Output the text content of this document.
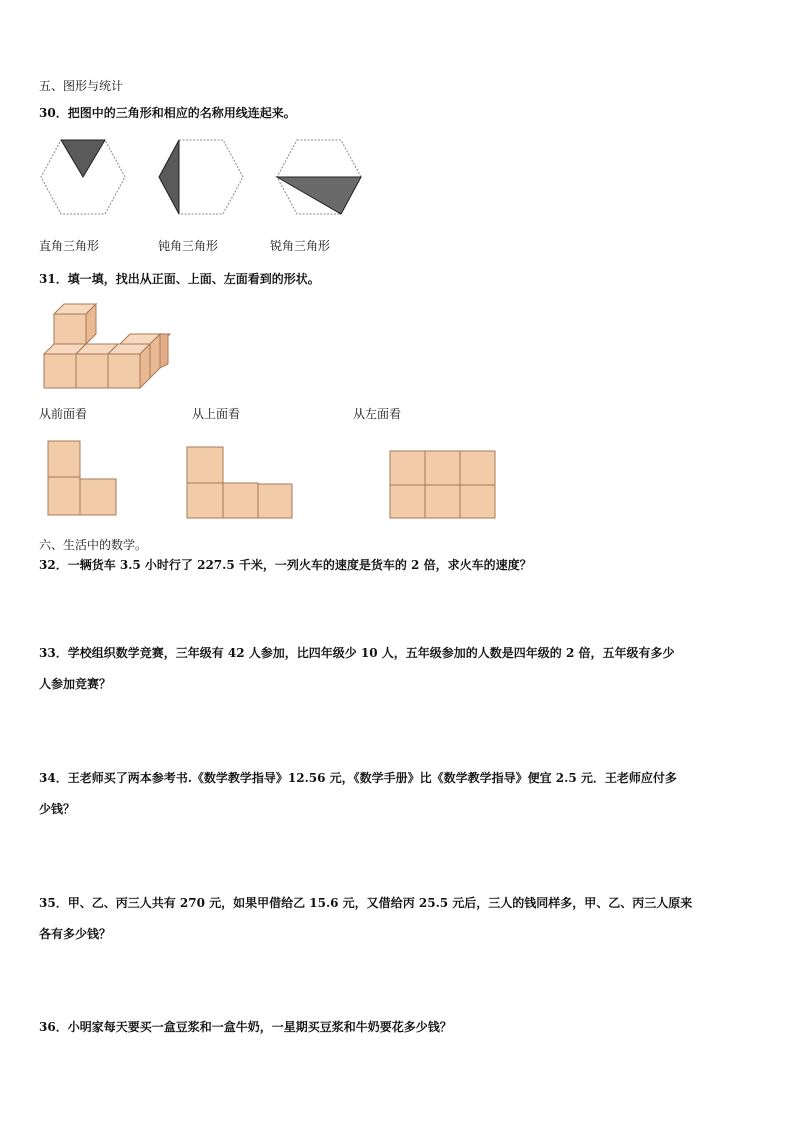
五、图形与统计
30．把图中的三角形和相应的名称用线连起来。
直角三角形	钝角三角形	锐角三角形
31．填一填，找出从正面、上面、左面看到的形状。
从前面看	从上面看	从左面看
六、生活中的数学。
32．一辆货车 3.5 小时行了 227.5 千米，一列火车的速度是货车的 2 倍，求火车的速度？
33．学校组织数学竞赛，三年级有 42 人参加，比四年级少 10 人，五年级参加的人数是四年级的 2 倍，五年级有多少
人参加竞赛？
34．王老师买了两本参考书.《数学教学指导》12.56 元，《数学手册》比《数学教学指导》便宜 2.5 元．王老师应付多
少钱？
35．甲、乙、丙三人共有 270 元，如果甲借给乙 15.6 元，又借给丙 25.5 元后，三人的钱同样多，甲、乙、丙三人原来
各有多少钱？
36．小明家每天要买一盒豆浆和一盒牛奶，一星期买豆浆和牛奶要花多少钱？
